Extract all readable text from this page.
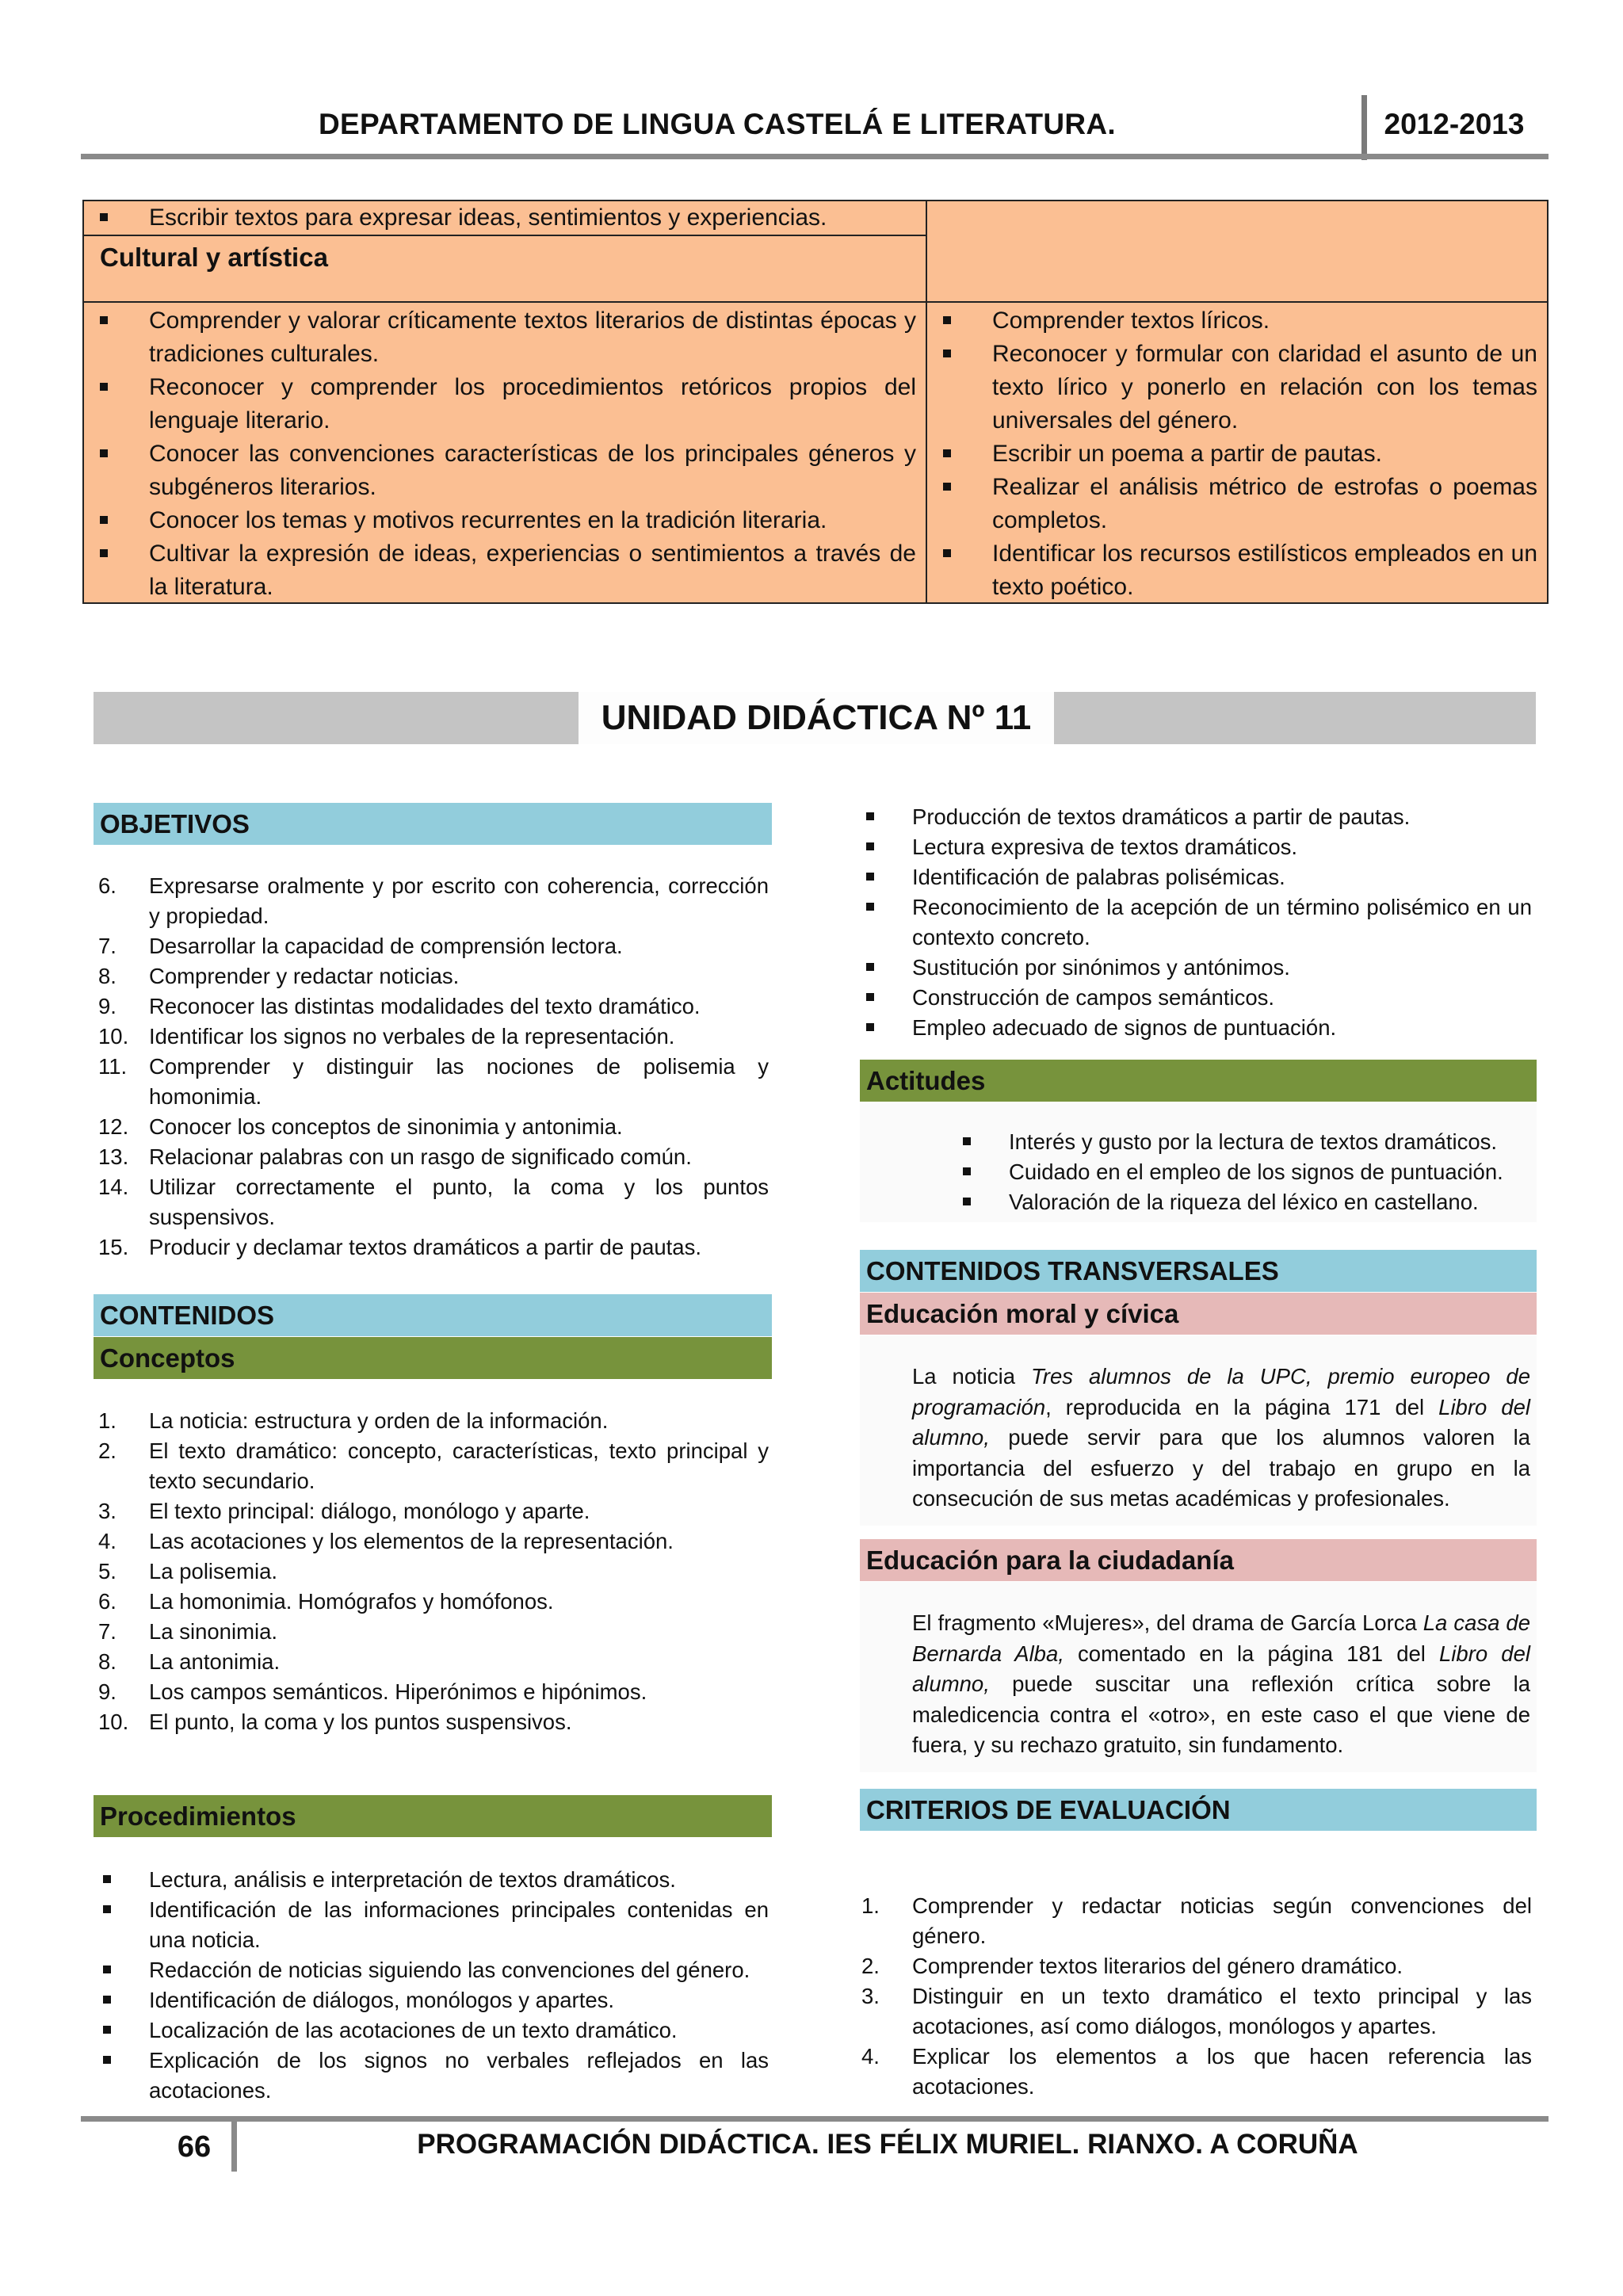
DEPARTAMENTO DE LINGUA CASTELÁ E LITERATURA.	2012-2013
Escribir textos para expresar ideas, sentimientos y experiencias.
Cultural y artística
Comprender y valorar críticamente textos literarios de distintas épocas y tradiciones culturales.
Reconocer y comprender los procedimientos retóricos propios del lenguaje literario.
Conocer las convenciones características de los principales géneros y subgéneros literarios.
Conocer los temas y motivos recurrentes en la tradición literaria.
Cultivar la expresión de ideas, experiencias o sentimientos a través de la literatura.
Comprender textos líricos.
Reconocer y formular con claridad el asunto de un texto lírico y ponerlo en relación con los temas universales del género.
Escribir un poema a partir de pautas.
Realizar el análisis métrico de estrofas o poemas completos.
Identificar los recursos estilísticos empleados en un texto poético.
UNIDAD DIDÁCTICA Nº 11
OBJETIVOS
6. Expresarse oralmente y por escrito con coherencia, corrección y propiedad.
7. Desarrollar la capacidad de comprensión lectora.
8. Comprender y redactar noticias.
9. Reconocer las distintas modalidades del texto dramático.
10. Identificar los signos no verbales de la representación.
11. Comprender y distinguir las nociones de polisemia y homonimia.
12. Conocer los conceptos de sinonimia y antonimia.
13. Relacionar palabras con un rasgo de significado común.
14. Utilizar correctamente el punto, la coma y los puntos suspensivos.
15. Producir y declamar textos dramáticos a partir de pautas.
CONTENIDOS
Conceptos
1. La noticia: estructura y orden de la información.
2. El texto dramático: concepto, características, texto principal y texto secundario.
3. El texto principal: diálogo, monólogo y aparte.
4. Las acotaciones y los elementos de la representación.
5. La polisemia.
6. La homonimia. Homógrafos y homófonos.
7. La sinonimia.
8. La antonimia.
9. Los campos semánticos. Hiperónimos e hipónimos.
10. El punto, la coma y los puntos suspensivos.
Procedimientos
Lectura, análisis e interpretación de textos dramáticos.
Identificación de las informaciones principales contenidas en una noticia.
Redacción de noticias siguiendo las convenciones del género.
Identificación de diálogos, monólogos y apartes.
Localización de las acotaciones de un texto dramático.
Explicación de los signos no verbales reflejados en las acotaciones.
Producción de textos dramáticos a partir de pautas.
Lectura expresiva de textos dramáticos.
Identificación de palabras polisémicas.
Reconocimiento de la acepción de un término polisémico en un contexto concreto.
Sustitución por sinónimos y antónimos.
Construcción de campos semánticos.
Empleo adecuado de signos de puntuación.
Actitudes
Interés y gusto por la lectura de textos dramáticos.
Cuidado en el empleo de los signos de puntuación.
Valoración de la riqueza del léxico en castellano.
CONTENIDOS TRANSVERSALES
Educación moral y cívica
La noticia Tres alumnos de la UPC, premio europeo de programación, reproducida en la página 171 del Libro del alumno, puede servir para que los alumnos valoren la importancia del esfuerzo y del trabajo en grupo en la consecución de sus metas académicas y profesionales.
Educación para la ciudadanía
El fragmento «Mujeres», del drama de García Lorca La casa de Bernarda Alba, comentado en la página 181 del Libro del alumno, puede suscitar una reflexión crítica sobre la maledicencia contra el «otro», en este caso el que viene de fuera, y su rechazo gratuito, sin fundamento.
CRITERIOS DE EVALUACIÓN
1. Comprender y redactar noticias según convenciones del género.
2. Comprender textos literarios del género dramático.
3. Distinguir en un texto dramático el texto principal y las acotaciones, así como diálogos, monólogos y apartes.
4. Explicar los elementos a los que hacen referencia las acotaciones.
66	PROGRAMACIÓN DIDÁCTICA. IES FÉLIX MURIEL. RIANXO. A CORUÑA
